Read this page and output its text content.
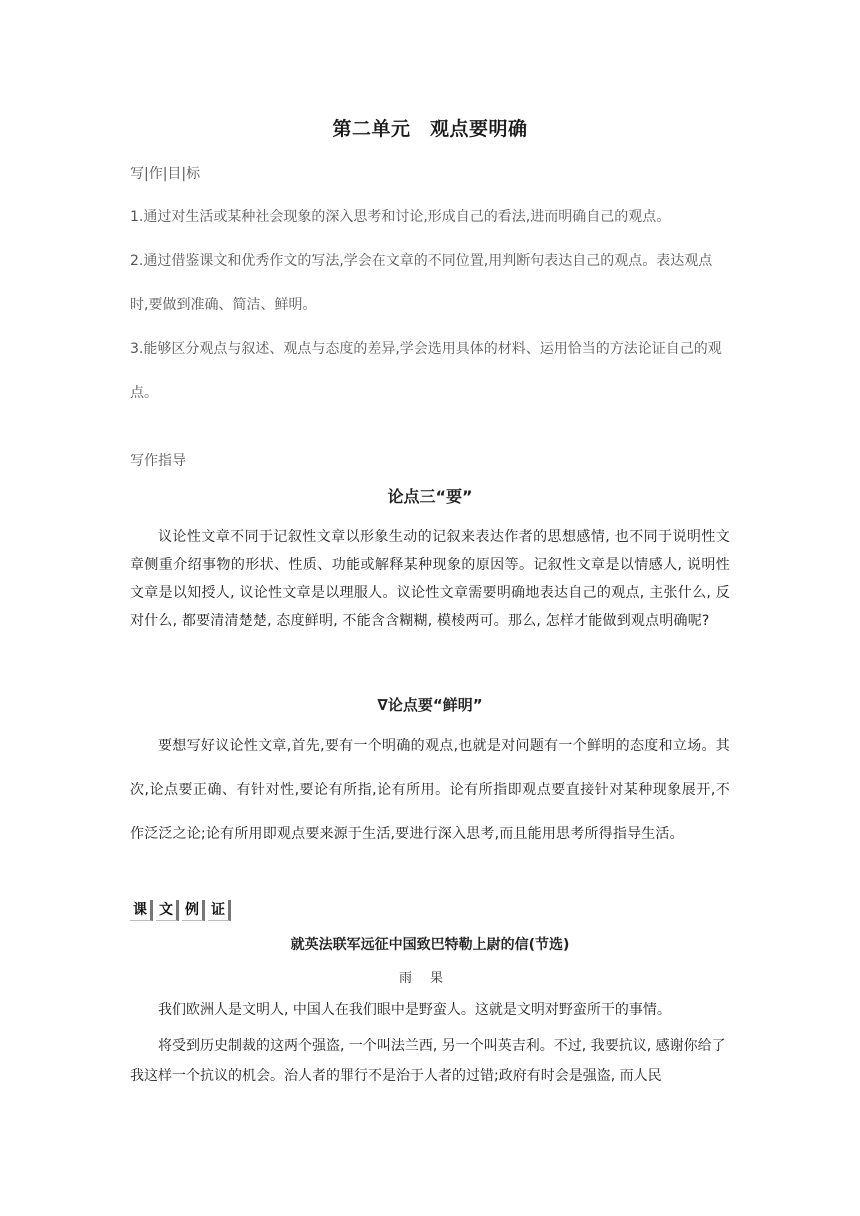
第二单元　观点要明确

写|作|目|标

1.通过对生活或某种社会现象的深入思考和讨论,形成自己的看法,进而明确自己的观点。

2.通过借鉴课文和优秀作文的写法,学会在文章的不同位置,用判断句表达自己的观点。表达观点时,要做到准确、简洁、鲜明。

3.能够区分观点与叙述、观点与态度的差异,学会选用具体的材料、运用恰当的方法论证自己的观点。

写作指导

论点三“要”

议论性文章不同于记叙性文章以形象生动的记叙来表达作者的思想感情, 也不同于说明性文章侧重介绍事物的形状、性质、功能或解释某种现象的原因等。记叙性文章是以情感人, 说明性文章是以知授人, 议论性文章是以理服人。议论性文章需要明确地表达自己的观点, 主张什么, 反对什么, 都要清清楚楚, 态度鲜明, 不能含含糊糊, 模棱两可。那么, 怎样才能做到观点明确呢?

∇论点要“鲜明”

要想写好议论性文章,首先,要有一个明确的观点,也就是对问题有一个鲜明的态度和立场。其次,论点要正确、有针对性,要论有所指,论有所用。论有所指即观点要直接针对某种现象展开,不作泛泛之论;论有所用即观点要来源于生活,要进行深入思考,而且能用思考所得指导生活。

课 文 例 证
就英法联军远征中国致巴特勒上尉的信(节选)

雨果

我们欧洲人是文明人, 中国人在我们眼中是野蛮人。这就是文明对野蛮所干的事情。

将受到历史制裁的这两个强盗, 一个叫法兰西, 另一个叫英吉利。不过, 我要抗议, 感谢你给了我这样一个抗议的机会。治人者的罪行不是治于人者的过错;政府有时会是强盗, 而人民
